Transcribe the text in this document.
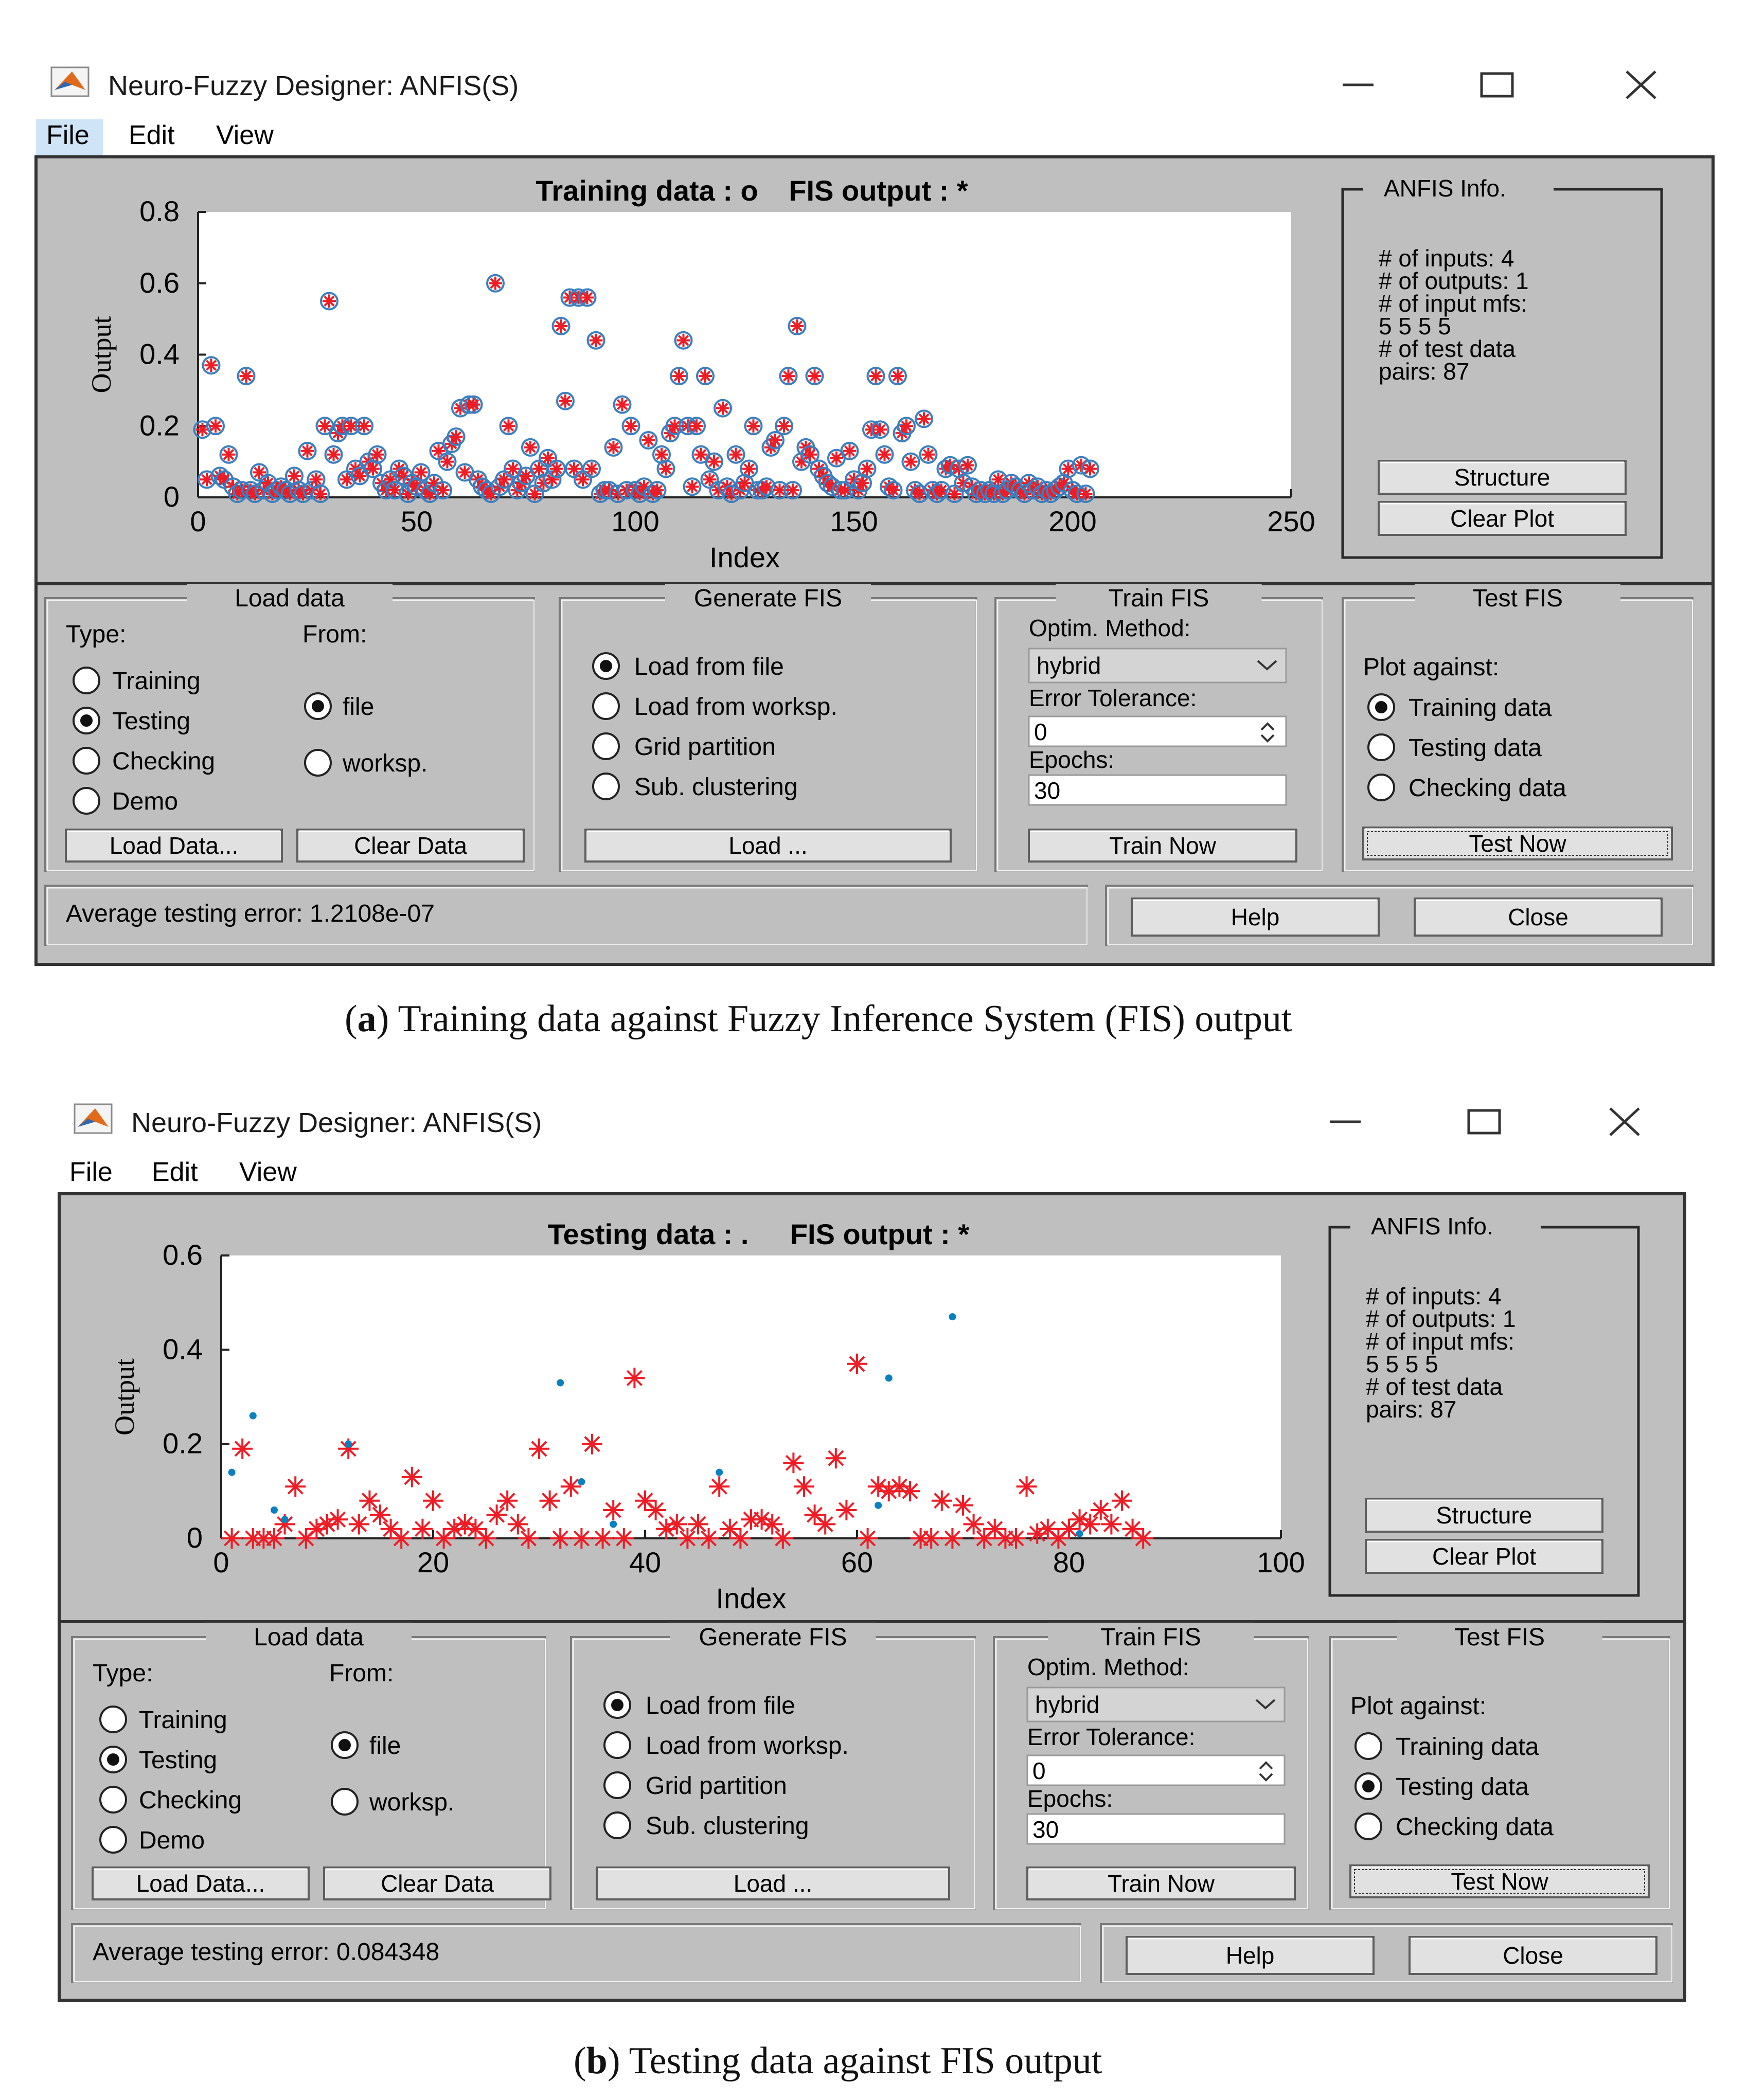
Neuro-Fuzzy Designer: ANFIS(S)
File Edit View
0	50	100	150	200	250
0
0.2
0.4
0.6
0.8
Training data : o FIS output : *
Index
Output
ANFIS Info.
# of inputs: 4
# of outputs: 1
# of input mfs:
5 5 5 5
# of test data
pairs: 87
Structure
Clear Plot
Load data
Type:	From:
Training
Testing
Checking
Demo
file
worksp.
Load Data...	Clear Data
Generate FIS
Load from file
Load from worksp.
Grid partition
Sub. clustering
Load ...
Train FIS
Optim. Method:
hybrid
Error Tolerance:
0
Epochs:
30
Train Now
Test FIS
Plot against:
Training data
Testing data
Checking data
Test Now
Average testing error: 1.2108e-07	Help	Close
(a) Training data against Fuzzy Inference System (FIS) output
Neuro-Fuzzy Designer: ANFIS(S)
File Edit View
0	20	40	60	80	100
0
0.2
0.4
0.6
Testing data : . FIS output : *
Index
Output
ANFIS Info.
# of inputs: 4
# of outputs: 1
# of input mfs:
5 5 5 5
# of test data
pairs: 87
Structure
Clear Plot
Load data
Type:	From:
Training
Testing
Checking
Demo
file
worksp.
Load Data...	Clear Data
Generate FIS
Load from file
Load from worksp.
Grid partition
Sub. clustering
Load ...
Train FIS
Optim. Method:
hybrid
Error Tolerance:
0
Epochs:
30
Train Now
Test FIS
Plot against:
Training data
Testing data
Checking data
Test Now
Average testing error: 0.084348	Help	Close
(b) Testing data against FIS output
